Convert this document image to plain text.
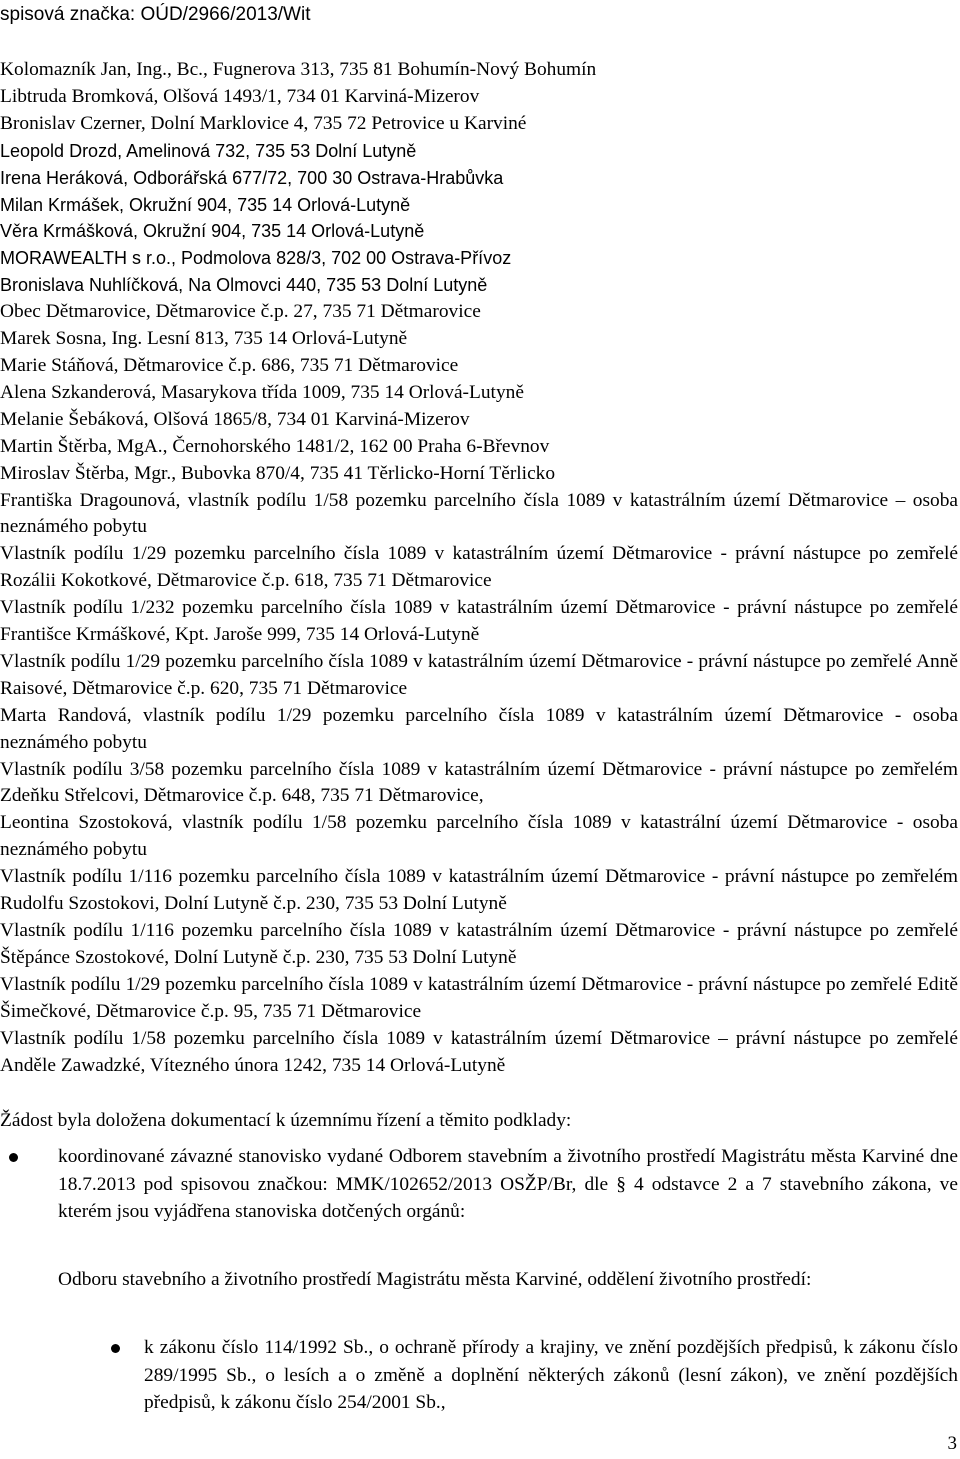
spisová značka: OÚD/2966/2013/Wit
Kolomazník Jan, Ing., Bc., Fugnerova 313, 735 81 Bohumín-Nový Bohumín
Libtruda Bromková, Olšová 1493/1, 734 01 Karviná-Mizerov
Bronislav Czerner, Dolní Marklovice 4, 735 72 Petrovice u Karviné
Leopold Drozd, Amelinová 732, 735 53 Dolní Lutyně
Irena Heráková, Odborářská 677/72, 700 30 Ostrava-Hrabůvka
Milan Krmášek, Okružní 904, 735 14 Orlová-Lutyně
Věra Krmášková, Okružní 904, 735 14 Orlová-Lutyně
MORAWEALTH s r.o., Podmolova 828/3, 702 00 Ostrava-Přívoz
Bronislava Nuhlíčková, Na Olmovci 440, 735 53 Dolní Lutyně
Obec Dětmarovice, Dětmarovice č.p. 27, 735 71 Dětmarovice
Marek Sosna, Ing. Lesní 813, 735 14 Orlová-Lutyně
Marie Stáňová, Dětmarovice č.p. 686, 735 71 Dětmarovice
Alena Szkanderová, Masarykova třída 1009, 735 14 Orlová-Lutyně
Melanie Šebáková, Olšová 1865/8, 734 01 Karviná-Mizerov
Martin Štěrba, MgA., Černohorského 1481/2, 162 00 Praha 6-Břevnov
Miroslav Štěrba, Mgr., Bubovka 870/4, 735 41 Těrlicko-Horní Těrlicko
Františka Dragounová, vlastník podílu 1/58 pozemku parcelního čísla 1089 v katastrálním území Dětmarovice – osoba neznámého pobytu
Vlastník podílu 1/29 pozemku parcelního čísla 1089 v katastrálním území Dětmarovice - právní nástupce po zemřelé Rozálii Kokotkové, Dětmarovice č.p. 618, 735 71 Dětmarovice
Vlastník podílu 1/232 pozemku parcelního čísla 1089 v katastrálním území Dětmarovice - právní nástupce po zemřelé Františce Krmáškové, Kpt. Jaroše 999, 735 14 Orlová-Lutyně
Vlastník podílu 1/29 pozemku parcelního čísla 1089 v katastrálním území Dětmarovice - právní nástupce po zemřelé Anně Raisové, Dětmarovice č.p. 620, 735 71 Dětmarovice
Marta Randová, vlastník podílu 1/29 pozemku parcelního čísla 1089 v katastrálním území Dětmarovice - osoba neznámého pobytu
Vlastník podílu 3/58 pozemku parcelního čísla 1089 v katastrálním území Dětmarovice - právní nástupce po zemřelém Zdeňku Střelcovi, Dětmarovice č.p. 648, 735 71 Dětmarovice,
Leontina Szostoková, vlastník podílu 1/58 pozemku parcelního čísla 1089 v katastrální území Dětmarovice - osoba neznámého pobytu
Vlastník podílu 1/116 pozemku parcelního čísla 1089 v katastrálním území Dětmarovice - právní nástupce po zemřelém Rudolfu Szostokovi, Dolní Lutyně č.p. 230, 735 53 Dolní Lutyně
Vlastník podílu 1/116 pozemku parcelního čísla 1089 v katastrálním území Dětmarovice - právní nástupce po zemřelé Štěpánce Szostokové, Dolní Lutyně č.p. 230, 735 53 Dolní Lutyně
Vlastník podílu 1/29 pozemku parcelního čísla 1089 v katastrálním území Dětmarovice - právní nástupce po zemřelé Editě Šimečkové, Dětmarovice č.p. 95, 735 71 Dětmarovice
Vlastník podílu 1/58 pozemku parcelního čísla 1089 v katastrálním území Dětmarovice – právní nástupce po zemřelé Anděle Zawadzké, Vítezného února 1242, 735 14 Orlová-Lutyně
Žádost byla doložena dokumentací k územnímu řízení a těmito podklady:
koordinované závazné stanovisko vydané Odborem stavebním a životního prostředí Magistrátu města Karviné dne 18.7.2013 pod spisovou značkou: MMK/102652/2013 OSŽP/Br, dle § 4 odstavce 2 a 7 stavebního zákona, ve kterém jsou vyjádřena stanoviska dotčených orgánů:
Odboru stavebního a životního prostředí Magistrátu města Karviné, oddělení životního prostředí:
k zákonu číslo 114/1992 Sb., o ochraně přírody a krajiny, ve znění pozdějších předpisů, k zákonu číslo 289/1995 Sb., o lesích a o změně a doplnění některých zákonů (lesní zákon), ve znění pozdějších předpisů, k zákonu číslo 254/2001 Sb.,
3
